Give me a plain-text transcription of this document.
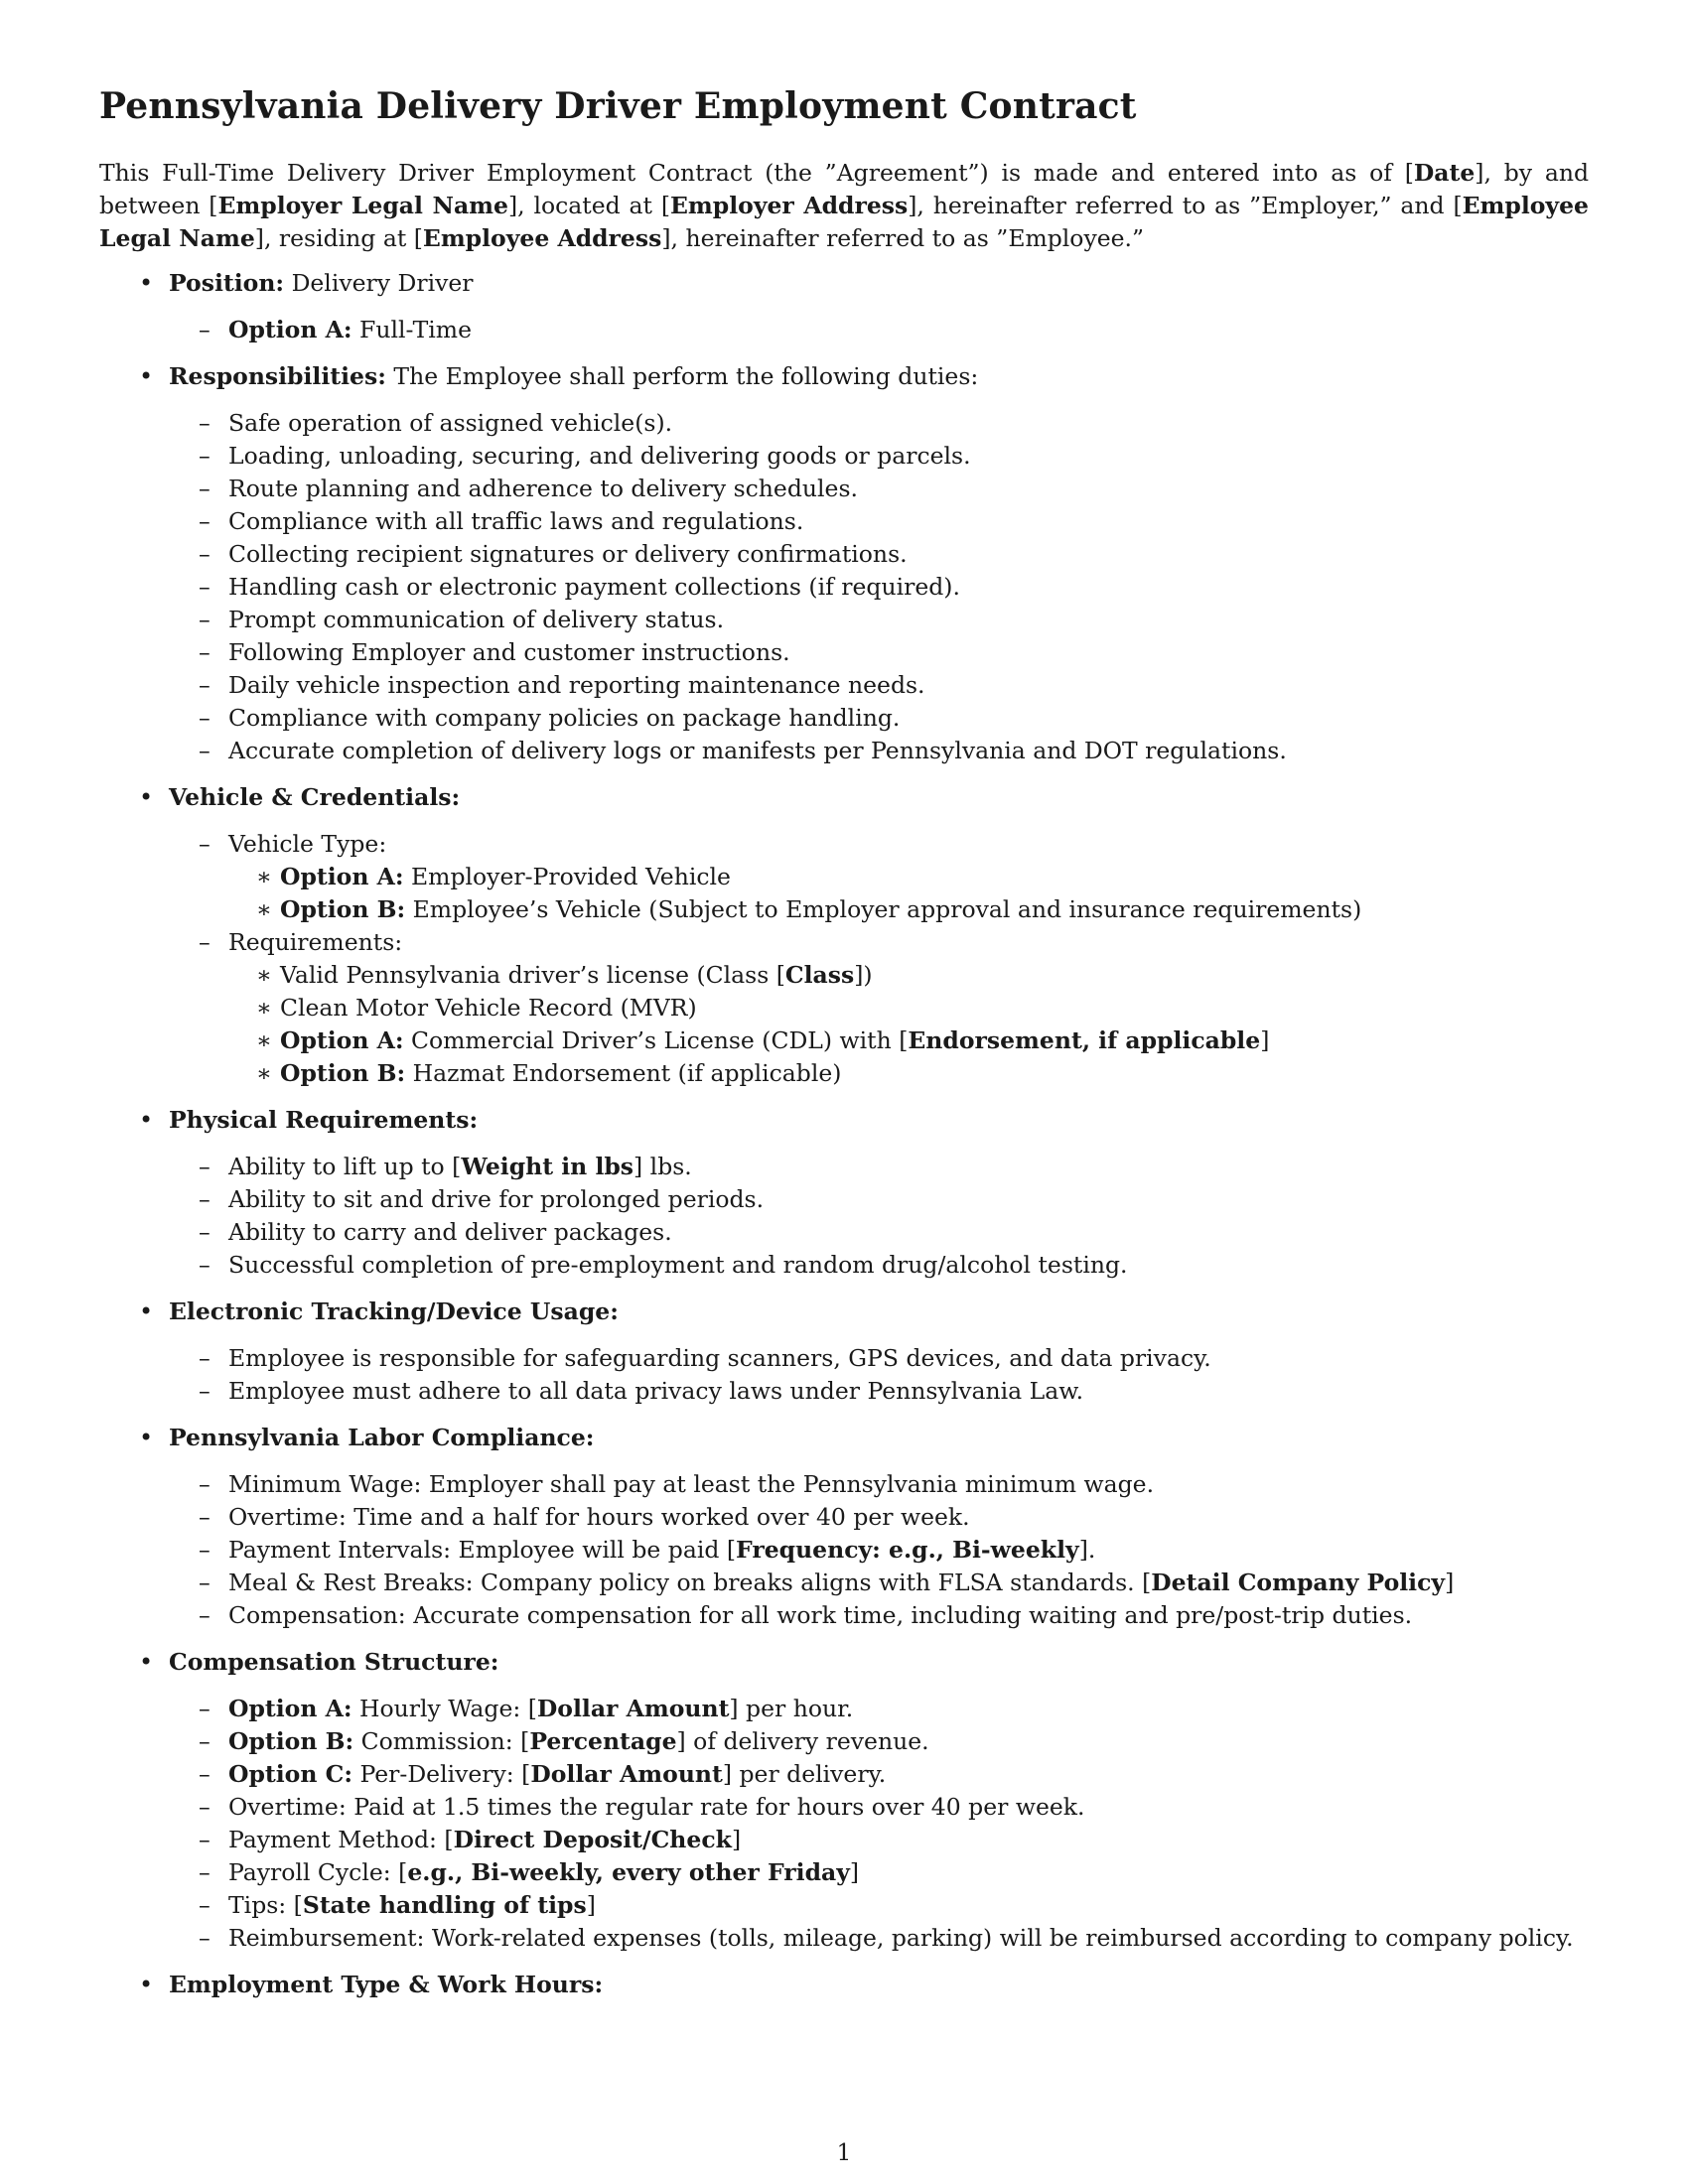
Pennsylvania Delivery Driver Employment Contract

This Full-Time Delivery Driver Employment Contract (the ”Agreement”) is made and entered into as of [Date], by and between [Employer Legal Name], located at [Employer Address], hereinafter referred to as ”Employer,” and [Employee Legal Name], residing at [Employee Address], hereinafter referred to as ”Employee.”

• Position: Delivery Driver
– Option A: Full-Time
• Responsibilities: The Employee shall perform the following duties:
– Safe operation of assigned vehicle(s).
– Loading, unloading, securing, and delivering goods or parcels.
– Route planning and adherence to delivery schedules.
– Compliance with all traffic laws and regulations.
– Collecting recipient signatures or delivery confirmations.
– Handling cash or electronic payment collections (if required).
– Prompt communication of delivery status.
– Following Employer and customer instructions.
– Daily vehicle inspection and reporting maintenance needs.
– Compliance with company policies on package handling.
– Accurate completion of delivery logs or manifests per Pennsylvania and DOT regulations.
• Vehicle & Credentials:
– Vehicle Type:
∗ Option A: Employer-Provided Vehicle
∗ Option B: Employee’s Vehicle (Subject to Employer approval and insurance requirements)
– Requirements:
∗ Valid Pennsylvania driver’s license (Class [Class])
∗ Clean Motor Vehicle Record (MVR)
∗ Option A: Commercial Driver’s License (CDL) with [Endorsement, if applicable]
∗ Option B: Hazmat Endorsement (if applicable)
• Physical Requirements:
– Ability to lift up to [Weight in lbs] lbs.
– Ability to sit and drive for prolonged periods.
– Ability to carry and deliver packages.
– Successful completion of pre-employment and random drug/alcohol testing.
• Electronic Tracking/Device Usage:
– Employee is responsible for safeguarding scanners, GPS devices, and data privacy.
– Employee must adhere to all data privacy laws under Pennsylvania Law.
• Pennsylvania Labor Compliance:
– Minimum Wage: Employer shall pay at least the Pennsylvania minimum wage.
– Overtime: Time and a half for hours worked over 40 per week.
– Payment Intervals: Employee will be paid [Frequency: e.g., Bi-weekly].
– Meal & Rest Breaks: Company policy on breaks aligns with FLSA standards. [Detail Company Policy]
– Compensation: Accurate compensation for all work time, including waiting and pre/post-trip duties.
• Compensation Structure:
– Option A: Hourly Wage: [Dollar Amount] per hour.
– Option B: Commission: [Percentage] of delivery revenue.
– Option C: Per-Delivery: [Dollar Amount] per delivery.
– Overtime: Paid at 1.5 times the regular rate for hours over 40 per week.
– Payment Method: [Direct Deposit/Check]
– Payroll Cycle: [e.g., Bi-weekly, every other Friday]
– Tips: [State handling of tips]
– Reimbursement: Work-related expenses (tolls, mileage, parking) will be reimbursed according to company policy.
• Employment Type & Work Hours:
1
